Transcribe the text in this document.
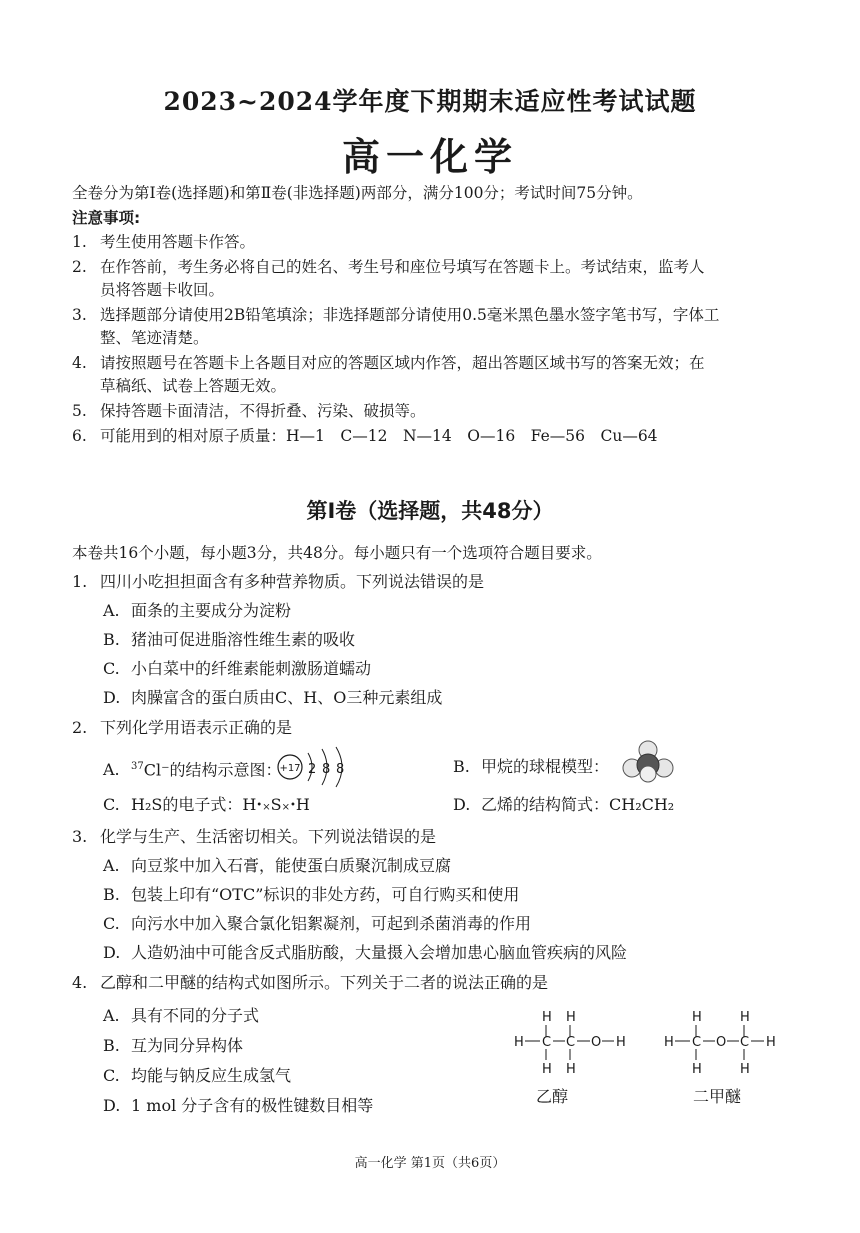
2023~2024学年度下期期末适应性考试试题
高一化学
全卷分为第Ⅰ卷(选择题)和第Ⅱ卷(非选择题)两部分，满分100分；考试时间75分钟。
注意事项:
1. 考生使用答题卡作答。
2. 在作答前，考生务必将自己的姓名、考生号和座位号填写在答题卡上。考试结束，监考人
员将答题卡收回。
3. 选择题部分请使用2B铅笔填涂；非选择题部分请使用0.5毫米黑色墨水签字笔书写，字体工
整、笔迹清楚。
4. 请按照题号在答题卡上各题目对应的答题区域内作答，超出答题区域书写的答案无效；在
草稿纸、试卷上答题无效。
5. 保持答题卡面清洁，不得折叠、污染、破损等。
6. 可能用到的相对原子质量：H—1　C—12　N—14　O—16　Fe—56　Cu—64
第Ⅰ卷（选择题，共48分）
本卷共16个小题，每小题3分，共48分。每小题只有一个选项符合题目要求。
1. 四川小吃担担面含有多种营养物质。下列说法错误的是
A. 面条的主要成分为淀粉
B. 猪油可促进脂溶性维生素的吸收
C. 小白菜中的纤维素能刺激肠道蠕动
D. 肉臊富含的蛋白质由C、H、O三种元素组成
2. 下列化学用语表示正确的是
A. $^{37}$Cl⁻的结构示意图：
+17 2 8 8	B. 甲烷的球棍模型：
C. H₂S的电子式：H•×S×•H	D. 乙烯的结构简式：CH₂CH₂
3. 化学与生产、生活密切相关。下列说法错误的是
A. 向豆浆中加入石膏，能使蛋白质聚沉制成豆腐
B. 包装上印有“OTC”标识的非处方药，可自行购买和使用
C. 向污水中加入聚合氯化铝絮凝剂，可起到杀菌消毒的作用
D. 人造奶油中可能含反式脂肪酸，大量摄入会增加患心脑血管疾病的风险
4. 乙醇和二甲醚的结构式如图所示。下列关于二者的说法正确的是
A. 具有不同的分子式
B. 互为同分异构体
C. 均能与钠反应生成氢气
D. 1 mol 分子含有的极性键数目相等
H H
H C C O H
H H
乙醇
H	H
H C O C H
H	H
二甲醚
高一化学 第1页（共6页）
